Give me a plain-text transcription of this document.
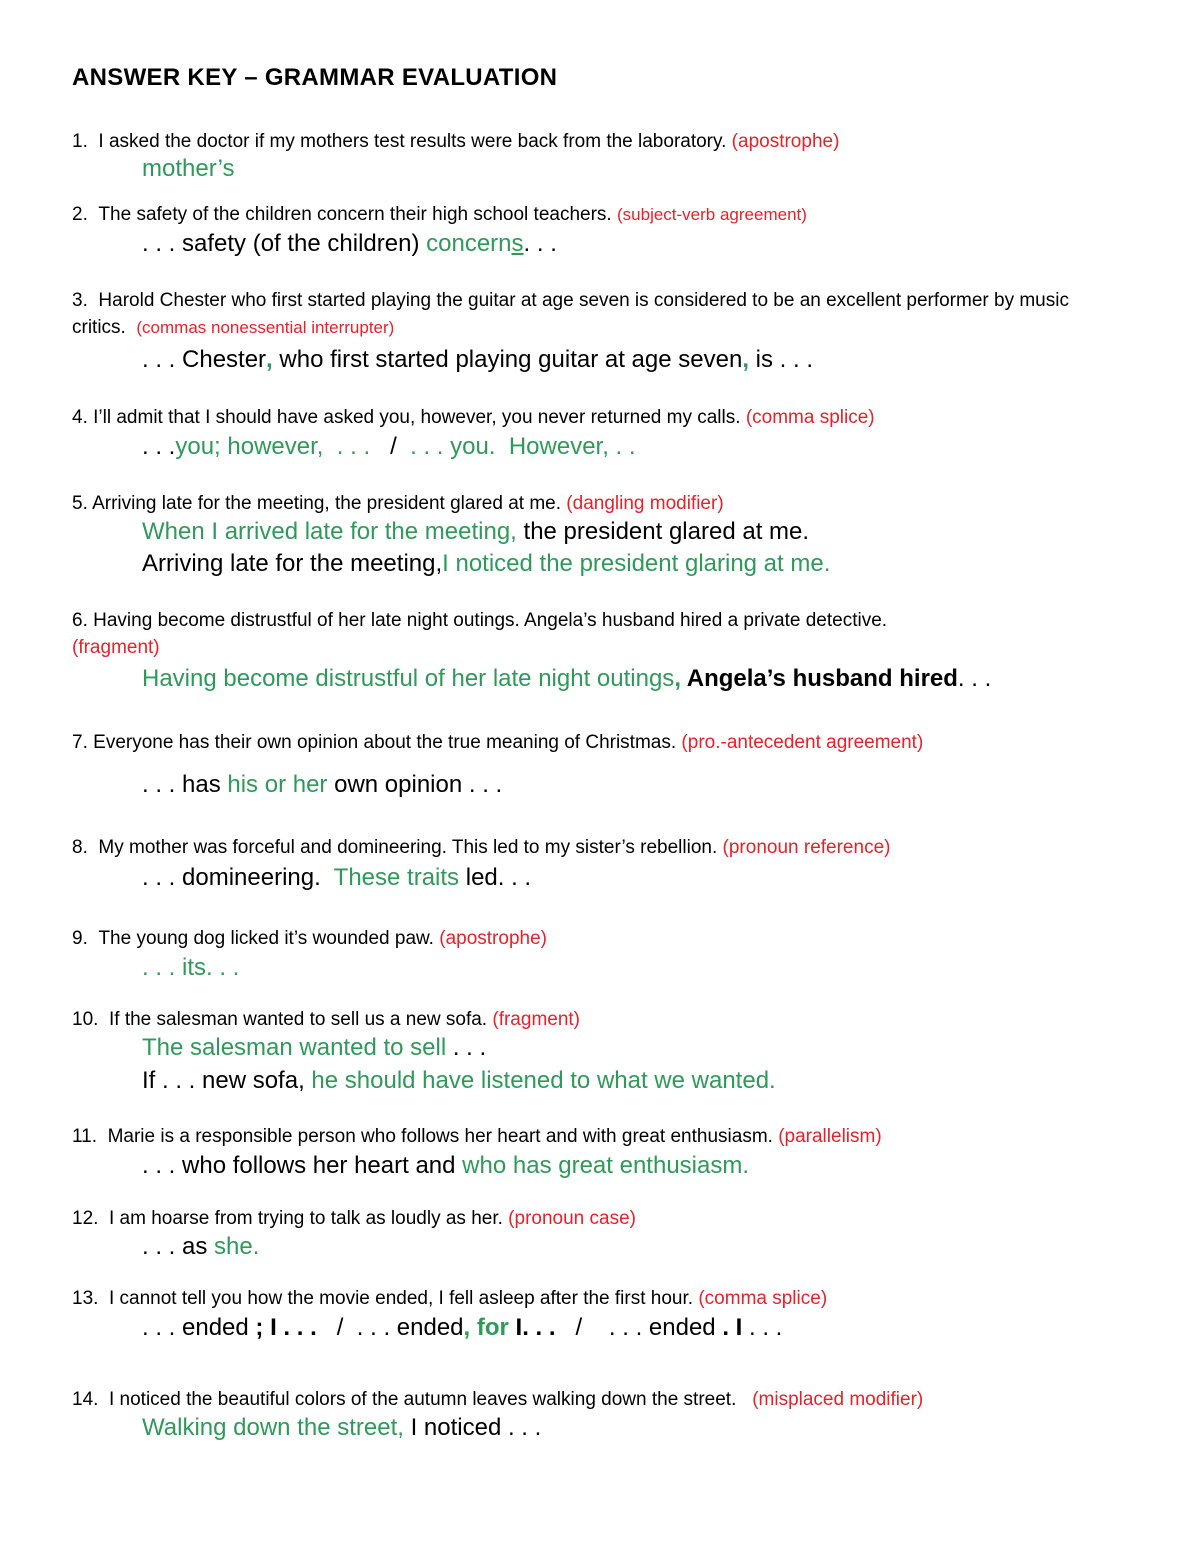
ANSWER KEY – GRAMMAR EVALUATION
1. I asked the doctor if my mothers test results were back from the laboratory. (apostrophe)
mother’s
2. The safety of the children concern their high school teachers. (subject-verb agreement)
. . . safety (of the children) concerns. . .
3. Harold Chester who first started playing the guitar at age seven is considered to be an excellent performer by music critics. (commas nonessential interrupter)
. . . Chester, who first started playing guitar at age seven, is . . .
4. I’ll admit that I should have asked you, however, you never returned my calls. (comma splice)
. . .you; however,  . . .   /  . . . you.  However, . .
5. Arriving late for the meeting, the president glared at me. (dangling modifier)
When I arrived late for the meeting, the president glared at me.
Arriving late for the meeting,I noticed the president glaring at me.
6. Having become distrustful of her late night outings. Angela’s husband hired a private detective.
(fragment)
Having become distrustful of her late night outings, Angela’s husband hired. . .
7. Everyone has their own opinion about the true meaning of Christmas. (pro.-antecedent agreement)
. . . has his or her own opinion . . .
8. My mother was forceful and domineering. This led to my sister’s rebellion. (pronoun reference)
. . . domineering.  These traits led. . .
9. The young dog licked it’s wounded paw. (apostrophe)
. . . its. . .
10. If the salesman wanted to sell us a new sofa. (fragment)
The salesman wanted to sell . . .
If . . . new sofa, he should have listened to what we wanted.
11. Marie is a responsible person who follows her heart and with great enthusiasm. (parallelism)
. . . who follows her heart and who has great enthusiasm.
12. I am hoarse from trying to talk as loudly as her. (pronoun case)
. . . as she.
13. I cannot tell you how the movie ended, I fell asleep after the first hour. (comma splice)
. . . ended ; I . . .   /  . . . ended, for I. . .   /    . . . ended . I . . .
14. I noticed the beautiful colors of the autumn leaves walking down the street. (misplaced modifier)
Walking down the street, I noticed . . .
